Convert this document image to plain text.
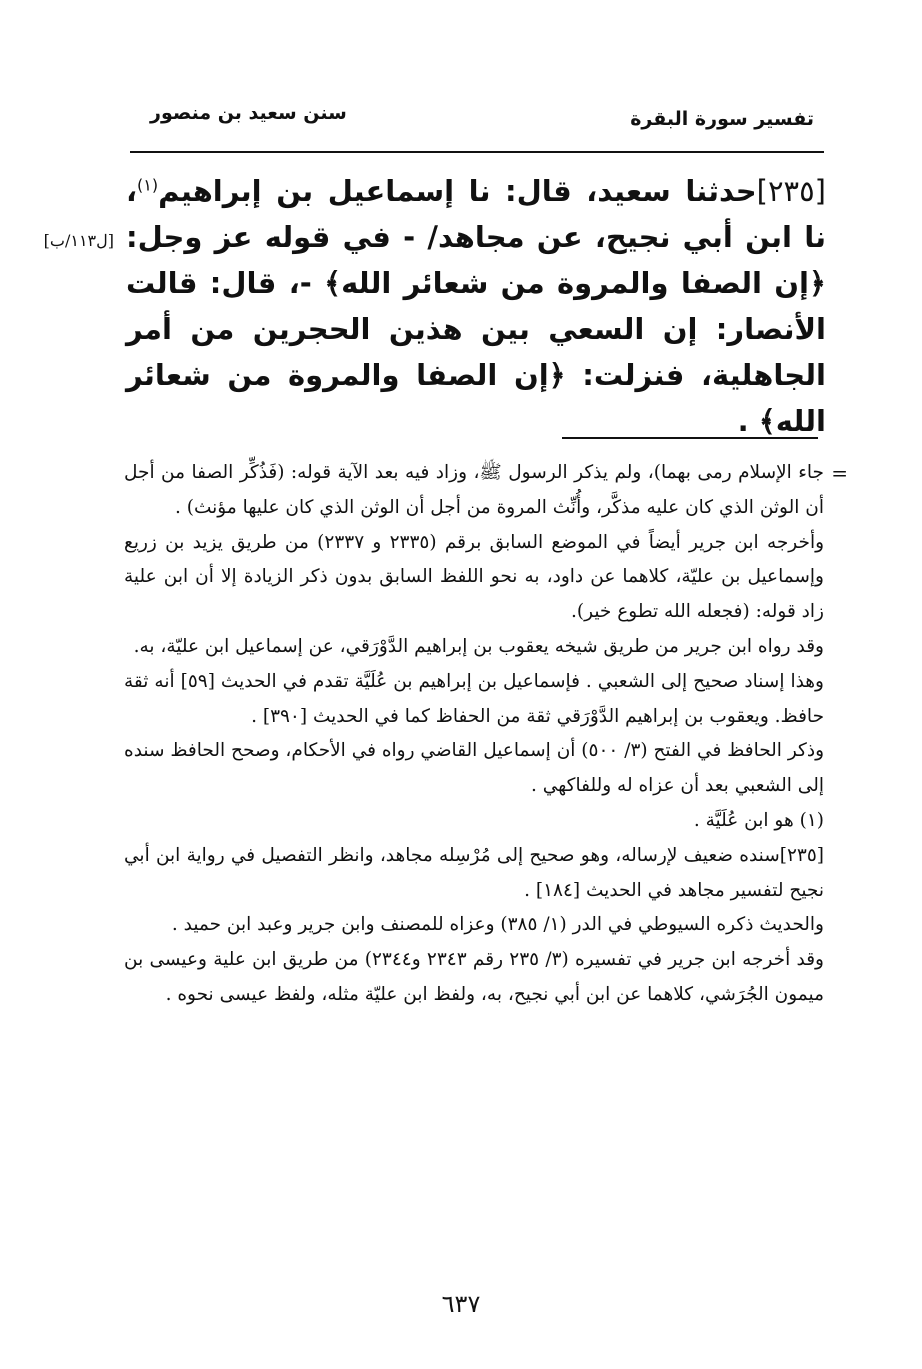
تفسير سورة البقرة
سنن سعيد بن منصور
[٢٣٥]حدثنا سعيد، قال: نا إسماعيل بن إبراهيم$^{(١)}$، نا ابن أبي نجيح، عن مجاهد/ - في قوله عز وجل: ﴿إن الصفا والمروة من شعائر الله﴾ -، قال: قالت الأنصار: إن السعي بين هذين الحجرين من أمر الجاهلية، فنزلت: ﴿إن الصفا والمروة من شعائر الله﴾ .
[ل١١٣/ب]
=

جاء الإسلام رمى بهما)، ولم يذكر الرسول ﷺ، وزاد فيه بعد الآية قوله: (فَذُكِّر الصفا من أجل أن الوثن الذي كان عليه مذكَّر، وأُنِّث المروة من أجل أن الوثن الذي كان عليها مؤنث) .

وأخرجه ابن جرير أيضاً في الموضع السابق برقم (٢٣٣٥ و ٢٣٣٧) من طريق يزيد بن زريع وإسماعيل بن عليّة، كلاهما عن داود، به نحو اللفظ السابق بدون ذكر الزيادة إلا أن ابن علية زاد قوله: (فجعله الله تطوع خير).

وقد رواه ابن جرير من طريق شيخه يعقوب بن إبراهيم الدَّوْرَقي، عن إسماعيل ابن عليّة، به.

وهذا إسناد صحيح إلى الشعبي . فإسماعيل بن إبراهيم بن عُلَيَّة تقدم في الحديث [٥٩] أنه ثقة حافظ. ويعقوب بن إبراهيم الدَّوْرَقي ثقة من الحفاظ كما في الحديث [٣٩٠] .

وذكر الحافظ في الفتح (٣/ ٥٠٠) أن إسماعيل القاضي رواه في الأحكام، وصحح الحافظ سنده إلى الشعبي بعد أن عزاه له وللفاكهي .

(١) هو ابن عُلَيَّة .

[٢٣٥]سنده ضعيف لإرساله، وهو صحيح إلى مُرْسِله مجاهد، وانظر التفصيل في رواية ابن أبي نجيح لتفسير مجاهد في الحديث [١٨٤] .

والحديث ذكره السيوطي في الدر (١/ ٣٨٥) وعزاه للمصنف وابن جرير وعبد ابن حميد .

وقد أخرجه ابن جرير في تفسيره (٣/ ٢٣٥ رقم ٢٣٤٣ و٢٣٤٤) من طريق ابن علية وعيسى بن ميمون الجُرَشي، كلاهما عن ابن أبي نجيح، به، ولفظ ابن عليّة مثله، ولفظ عيسى نحوه .

٦٣٧
